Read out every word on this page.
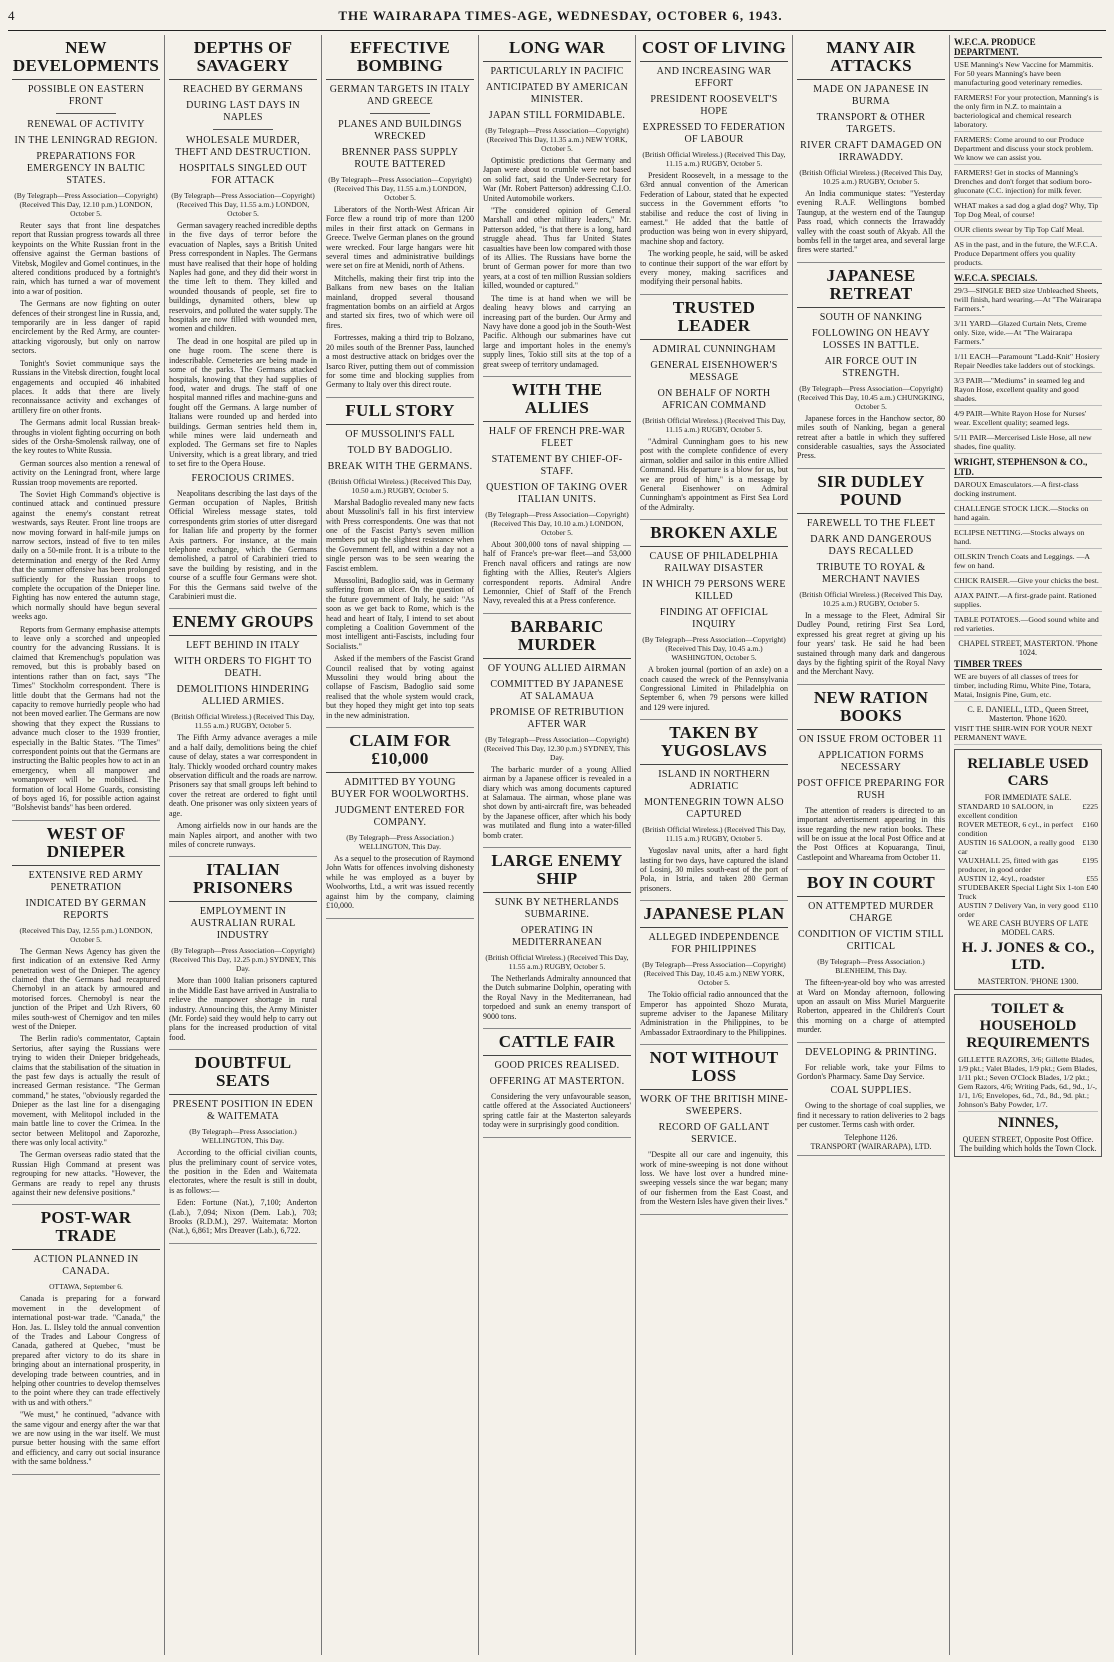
4	THE WAIRARAPA TIMES-AGE, WEDNESDAY, OCTOBER 6, 1943.
NEW DEVELOPMENTS
POSSIBLE ON EASTERN FRONT
RENEWAL OF ACTIVITY
IN THE LENINGRAD REGION.
PREPARATIONS FOR EMERGENCY IN BALTIC STATES.
(By Telegraph—Press Association—Copyright) (Received This Day, 12.10 p.m.) LONDON, October 5.

Reuter says that front line despatches report that Russian progress towards all three keypoints on the White Russian front in the offensive against the German bastions of Vitebsk, Mogilev and Gomel continues, in the altered conditions produced by a fortnight's rain, which has turned a war of movement into a war of position.

The Germans are now fighting on outer defences of their strongest line in Russia, and, temporarily are in less danger of rapid encirclement by the Red Army, are counter-attacking vigorously, but only on narrow sectors.

Tonight's Soviet communique says the Russians in the Vitebsk direction, fought local engagements and occupied 46 inhabited places. It adds that there are lively reconnaissance activity and exchanges of artillery fire on other fronts.

The Germans admit local Russian break-throughs in violent fighting occurring on both sides of the Orsha-Smolensk railway, one of the key routes to White Russia.

German sources also mention a renewal of activity on the Leningrad front, where large Russian troop movements are reported.

The Soviet High Command's objective is continued attack and continued pressure against the enemy's constant retreat westwards, says Reuter. Front line troops are now moving forward in half-mile jumps on narrow sectors, instead of five to ten miles daily on a 50-mile front. It is a tribute to the determination and energy of the Red Army that the summer offensive has been prolonged sufficiently for the Russian troops to complete the occupation of the Dnieper line. Fighting has now entered the autumn stage, which normally should have begun several weeks ago.

Reports from Germany emphasise attempts to leave only a scorched and unpeopled country for the advancing Russians. It is claimed that Kremenchug's population was removed, but this is probably based on intentions rather than on fact, says "The Times" Stockholm correspondent. There is little doubt that the Germans had not the capacity to remove hurriedly people who had not been moved earlier. The Germans are now showing that they expect the Russians to advance much closer to the 1939 frontier, especially in the Baltic States. "The Times" correspondent points out that the Germans are instructing the Baltic peoples how to act in an emergency, when all manpower and womanpower will be mobilised. The formation of local Home Guards, consisting of boys aged 16, for possible action against "Bolshevist bands" has been ordered.

WEST OF DNIEPER
EXTENSIVE RED ARMY PENETRATION
INDICATED BY GERMAN REPORTS
(Received This Day, 12.55 p.m.) LONDON, October 5.

The German News Agency has given the first indication of an extensive Red Army penetration west of the Dnieper. The agency claimed that the Germans had recaptured Chernobyl in an attack by armoured and motorised forces. Chernobyl is near the junction of the Pripet and Uzh Rivers, 60 miles south-west of Chernigov and ten miles west of the Dnieper.

The Berlin radio's commentator, Captain Sertorius, after saying the Russians were trying to widen their Dnieper bridgeheads, claims that the stabilisation of the situation in the past few days is actually the result of increased German resistance. "The German command," he states, "obviously regarded the Dnieper as the last line for a disengaging movement, with Melitopol included in the main battle line to cover the Crimea. In the sector between Melitopol and Zaporozhe, there was only local activity."

The German overseas radio stated that the Russian High Command at present was regrouping for new attacks. "However, the Germans are ready to repel any thrusts against their new defensive positions."

POST-WAR TRADE
ACTION PLANNED IN CANADA.
OTTAWA, September 6.

Canada is preparing for a forward movement in the development of international post-war trade. "Canada," the Hon. Jas. L. Ilsley told the annual convention of the Trades and Labour Congress of Canada, gathered at Quebec, "must be prepared after victory to do its share in bringing about an international prosperity, in developing trade between countries, and in helping other countries to develop themselves to the point where they can trade effectively with us and with others."

"We must," he continued, "advance with the same vigour and energy after the war that we are now using in the war itself. We must pursue better housing with the same effort and efficiency, and carry out social insurance with the same boldness."

DEPTHS OF SAVAGERY
REACHED BY GERMANS
DURING LAST DAYS IN NAPLES
WHOLESALE MURDER, THEFT AND DESTRUCTION.
HOSPITALS SINGLED OUT FOR ATTACK
(By Telegraph—Press Association—Copyright) (Received This Day, 11.55 a.m.) LONDON, October 5.

German savagery reached incredible depths in the five days of terror before the evacuation of Naples, says a British United Press correspondent in Naples. The Germans must have realised that their hope of holding Naples had gone, and they did their worst in the time left to them. They killed and wounded thousands of people, set fire to buildings, dynamited others, blew up reservoirs, and polluted the water supply. The hospitals are now filled with wounded men, women and children.

The dead in one hospital are piled up in one huge room. The scene there is indescribable. Cemeteries are being made in some of the parks. The Germans attacked hospitals, knowing that they had supplies of food, water and drugs. The staff of one hospital manned rifles and machine-guns and fought off the Germans. A large number of Italians were rounded up and herded into buildings. German sentries held them in, while mines were laid underneath and exploded. The Germans set fire to Naples University, which is a great library, and tried to set fire to the Opera House.

FEROCIOUS CRIMES.

Neapolitans describing the last days of the German occupation of Naples, British Official Wireless message states, told correspondents grim stories of utter disregard for Italian life and property by the former Axis partners. For instance, at the main telephone exchange, which the Germans demolished, a patrol of Carabinieri tried to save the building by resisting, and in the course of a scuffle four Germans were shot. For this the Germans said twelve of the Carabinieri must die.

ENEMY GROUPS
LEFT BEHIND IN ITALY
WITH ORDERS TO FIGHT TO DEATH.
DEMOLITIONS HINDERING ALLIED ARMIES.
(British Official Wireless.) (Received This Day, 11.55 a.m.) RUGBY, October 5.

The Fifth Army advance averages a mile and a half daily, demolitions being the chief cause of delay, states a war correspondent in Italy. Thickly wooded orchard country makes observation difficult and the roads are narrow. Prisoners say that small groups left behind to cover the retreat are ordered to fight until death. One prisoner was only sixteen years of age.

Among airfields now in our hands are the main Naples airport, and another with two miles of concrete runways.

ITALIAN PRISONERS
EMPLOYMENT IN AUSTRALIAN RURAL INDUSTRY
(By Telegraph—Press Association—Copyright) (Received This Day, 12.25 p.m.) SYDNEY, This Day.

More than 1000 Italian prisoners captured in the Middle East have arrived in Australia to relieve the manpower shortage in rural industry. Announcing this, the Army Minister (Mr. Forde) said they would help to carry out plans for the increased production of vital food.

DOUBTFUL SEATS
PRESENT POSITION IN EDEN & WAITEMATA
(By Telegraph—Press Association.) WELLINGTON, This Day.

According to the official civilian counts, plus the preliminary count of service votes, the position in the Eden and Waitemata electorates, where the result is still in doubt, is as follows:—

Eden: Fortune (Nat.), 7,100; Anderton (Lab.), 7,094; Nixon (Dem. Lab.), 703; Brooks (R.D.M.), 297. Waitemata: Morton (Nat.), 6,861; Mrs Dreaver (Lab.), 6,722.

EFFECTIVE BOMBING
GERMAN TARGETS IN ITALY AND GREECE
PLANES AND BUILDINGS WRECKED
BRENNER PASS SUPPLY ROUTE BATTERED
(By Telegraph—Press Association—Copyright) (Received This Day, 11.55 a.m.) LONDON, October 5.

Liberators of the North-West African Air Force flew a round trip of more than 1200 miles in their first attack on Germans in Greece. Twelve German planes on the ground were wrecked. Four large hangars were hit several times and administrative buildings were set on fire at Menidi, north of Athens.

Mitchells, making their first trip into the Balkans from new bases on the Italian mainland, dropped several thousand fragmentation bombs on an airfield at Argos and started six fires, two of which were oil fires.

Fortresses, making a third trip to Bolzano, 20 miles south of the Brenner Pass, launched a most destructive attack on bridges over the Isarco River, putting them out of commission for some time and blocking supplies from Germany to Italy over this direct route.

FULL STORY
OF MUSSOLINI'S FALL
TOLD BY BADOGLIO.
BREAK WITH THE GERMANS.
(British Official Wireless.) (Received This Day, 10.50 a.m.) RUGBY, October 5.

Marshal Badoglio revealed many new facts about Mussolini's fall in his first interview with Press correspondents. One was that not one of the Fascist Party's seven million members put up the slightest resistance when the Government fell, and within a day not a single person was to be seen wearing the Fascist emblem.

Mussolini, Badoglio said, was in Germany suffering from an ulcer. On the question of the future government of Italy, he said: "As soon as we get back to Rome, which is the head and heart of Italy, I intend to set about completing a Coalition Government of the most intelligent anti-Fascists, including four Socialists."

Asked if the members of the Fascist Grand Council realised that by voting against Mussolini they would bring about the collapse of Fascism, Badoglio said some realised that the whole system would crack, but they hoped they might get into top seats in the new administration.

CLAIM FOR £10,000
ADMITTED BY YOUNG BUYER FOR WOOLWORTHS.
JUDGMENT ENTERED FOR COMPANY.
(By Telegraph—Press Association.) WELLINGTON, This Day.

As a sequel to the prosecution of Raymond John Watts for offences involving dishonesty while he was employed as a buyer by Woolworths, Ltd., a writ was issued recently against him by the company, claiming £10,000.

LONG WAR
PARTICULARLY IN PACIFIC
ANTICIPATED BY AMERICAN MINISTER.
JAPAN STILL FORMIDABLE.
(By Telegraph—Press Association—Copyright) (Received This Day, 11.35 a.m.) NEW YORK, October 5.

Optimistic predictions that Germany and Japan were about to crumble were not based on solid fact, said the Under-Secretary for War (Mr. Robert Patterson) addressing C.I.O. United Automobile workers.

"The considered opinion of General Marshall and other military leaders," Mr. Patterson added, "is that there is a long, hard struggle ahead. Thus far United States casualties have been low compared with those of its Allies. The Russians have borne the brunt of German power for more than two years, at a cost of ten million Russian soldiers killed, wounded or captured."

The time is at hand when we will be dealing heavy blows and carrying an increasing part of the burden. Our Army and Navy have done a good job in the South-West Pacific. Although our submarines have cut large and important holes in the enemy's supply lines, Tokio still sits at the top of a great sweep of territory undamaged.

WITH THE ALLIES
HALF OF FRENCH PRE-WAR FLEET
STATEMENT BY CHIEF-OF-STAFF.
QUESTION OF TAKING OVER ITALIAN UNITS.
(By Telegraph—Press Association—Copyright) (Received This Day, 10.10 a.m.) LONDON, October 5.

About 300,000 tons of naval shipping —half of France's pre-war fleet—and 53,000 French naval officers and ratings are now fighting with the Allies, Reuter's Algiers correspondent reports. Admiral Andre Lemonnier, Chief of Staff of the French Navy, revealed this at a Press conference.

BARBARIC MURDER
OF YOUNG ALLIED AIRMAN
COMMITTED BY JAPANESE AT SALAMAUA
PROMISE OF RETRIBUTION AFTER WAR
(By Telegraph—Press Association—Copyright) (Received This Day, 12.30 p.m.) SYDNEY, This Day.

The barbaric murder of a young Allied airman by a Japanese officer is revealed in a diary which was among documents captured at Salamaua. The airman, whose plane was shot down by anti-aircraft fire, was beheaded by the Japanese officer, after which his body was mutilated and flung into a water-filled bomb crater.

LARGE ENEMY SHIP
SUNK BY NETHERLANDS SUBMARINE.
OPERATING IN MEDITERRANEAN
(British Official Wireless.) (Received This Day, 11.55 a.m.) RUGBY, October 5.

The Netherlands Admiralty announced that the Dutch submarine Dolphin, operating with the Royal Navy in the Mediterranean, had torpedoed and sunk an enemy transport of 9000 tons.

CATTLE FAIR
GOOD PRICES REALISED.
OFFERING AT MASTERTON.

Considering the very unfavourable season, cattle offered at the Associated Auctioneers' spring cattle fair at the Masterton saleyards today were in surprisingly good condition.

COST OF LIVING
AND INCREASING WAR EFFORT
PRESIDENT ROOSEVELT'S HOPE
EXPRESSED TO FEDERATION OF LABOUR
(British Official Wireless.) (Received This Day, 11.15 a.m.) RUGBY, October 5.

President Roosevelt, in a message to the 63rd annual convention of the American Federation of Labour, stated that he expected success in the Government efforts "to stabilise and reduce the cost of living in earnest." He added that the battle of production was being won in every shipyard, machine shop and factory.

The working people, he said, will be asked to continue their support of the war effort by every money, making sacrifices and modifying their personal habits.

TRUSTED LEADER
ADMIRAL CUNNINGHAM
GENERAL EISENHOWER'S MESSAGE
ON BEHALF OF NORTH AFRICAN COMMAND
(British Official Wireless.) (Received This Day, 11.15 a.m.) RUGBY, October 5.

"Admiral Cunningham goes to his new post with the complete confidence of every airman, soldier and sailor in this entire Allied Command. His departure is a blow for us, but we are proud of him," is a message by General Eisenhower on Admiral Cunningham's appointment as First Sea Lord of the Admiralty.

BROKEN AXLE
CAUSE OF PHILADELPHIA RAILWAY DISASTER
IN WHICH 79 PERSONS WERE KILLED
FINDING AT OFFICIAL INQUIRY
(By Telegraph—Press Association—Copyright) (Received This Day, 10.45 a.m.) WASHINGTON, October 5.

A broken journal (portion of an axle) on a coach caused the wreck of the Pennsylvania Congressional Limited in Philadelphia on September 6, when 79 persons were killed and 129 were injured.

TAKEN BY YUGOSLAVS
ISLAND IN NORTHERN ADRIATIC
MONTENEGRIN TOWN ALSO CAPTURED
(British Official Wireless.) (Received This Day, 11.15 a.m.) RUGBY, October 5.

Yugoslav naval units, after a hard fight lasting for two days, have captured the island of Losinj, 30 miles south-east of the port of Pola, in Istria, and taken 280 German prisoners.

JAPANESE PLAN
ALLEGED INDEPENDENCE FOR PHILIPPINES
(By Telegraph—Press Association—Copyright) (Received This Day, 10.45 a.m.) NEW YORK, October 5.

The Tokio official radio announced that the Emperor has appointed Shozo Murata, supreme adviser to the Japanese Military Administration in the Philippines, to be Ambassador Extraordinary to the Philippines.

NOT WITHOUT LOSS
WORK OF THE BRITISH MINE-SWEEPERS.
RECORD OF GALLANT SERVICE.

"Despite all our care and ingenuity, this work of mine-sweeping is not done without loss. We have lost over a hundred mine-sweeping vessels since the war began; many of our fishermen from the East Coast, and from the Western Isles have given their lives."

MANY AIR ATTACKS
MADE ON JAPANESE IN BURMA
TRANSPORT & OTHER TARGETS.
RIVER CRAFT DAMAGED ON IRRAWADDY.
(British Official Wireless.) (Received This Day, 10.25 a.m.) RUGBY, October 5.

An India communique states: "Yesterday evening R.A.F. Wellingtons bombed Taungup, at the western end of the Taungup Pass road, which connects the Irrawaddy valley with the coast south of Akyab. All the bombs fell in the target area, and several large fires were started."

JAPANESE RETREAT
SOUTH OF NANKING
FOLLOWING ON HEAVY LOSSES IN BATTLE.
AIR FORCE OUT IN STRENGTH.
(By Telegraph—Press Association—Copyright) (Received This Day, 10.45 a.m.) CHUNGKING, October 5.

Japanese forces in the Hanchow sector, 80 miles south of Nanking, began a general retreat after a battle in which they suffered considerable casualties, says the Associated Press.

SIR DUDLEY POUND
FAREWELL TO THE FLEET
DARK AND DANGEROUS DAYS RECALLED
TRIBUTE TO ROYAL & MERCHANT NAVIES
(British Official Wireless.) (Received This Day, 10.25 a.m.) RUGBY, October 5.

In a message to the Fleet, Admiral Sir Dudley Pound, retiring First Sea Lord, expressed his great regret at giving up his four years' task. He said he had been sustained through many dark and dangerous days by the fighting spirit of the Royal Navy and the Merchant Navy.

NEW RATION BOOKS
ON ISSUE FROM OCTOBER 11
APPLICATION FORMS NECESSARY
POST OFFICE PREPARING FOR RUSH

The attention of readers is directed to an important advertisement appearing in this issue regarding the new ration books. These will be on issue at the local Post Office and at the Post Offices at Kopuaranga, Tinui, Castlepoint and Whareama from October 11.

BOY IN COURT
ON ATTEMPTED MURDER CHARGE
CONDITION OF VICTIM STILL CRITICAL
(By Telegraph—Press Association.) BLENHEIM, This Day.

The fifteen-year-old boy who was arrested at Ward on Monday afternoon, following upon an assault on Miss Muriel Marguerite Roberton, appeared in the Children's Court this morning on a charge of attempted murder.

DEVELOPING & PRINTING.

For reliable work, take your Films to Gordon's Pharmacy. Same Day Service.

COAL SUPPLIES.

Owing to the shortage of coal supplies, we find it necessary to ration deliveries to 2 bags per customer. Terms cash with order.

Telephone 1126.
TRANSPORT (WAIRARAPA), LTD.
W.F.C.A. PRODUCE DEPARTMENT.
USE Manning's New Vaccine for Mammitis. For 50 years Manning's have been manufacturing good veterinary remedies.
FARMERS! For your protection, Manning's is the only firm in N.Z. to maintain a bacteriological and chemical research laboratory.
FARMERS: Come around to our Produce Department and discuss your stock problem. We know we can assist you.
FARMERS! Get in stocks of Manning's Drenches and don't forget that sodium boro-gluconate (C.C. injection) for milk fever.
WHAT makes a sad dog a glad dog? Why, Tip Top Dog Meal, of course!
OUR clients swear by Tip Top Calf Meal.
AS in the past, and in the future, the W.F.C.A. Produce Department offers you quality products.
W.F.C.A. SPECIALS.
29/3—SINGLE BED size Unbleached Sheets, twill finish, hard wearing.—At "The Wairarapa Farmers."
3/11 YARD—Glazed Curtain Nets, Creme only. Size, wide.—At "The Wairarapa Farmers."
1/11 EACH—Paramount "Ladd-Knit" Hosiery Repair Needles take ladders out of stockings.
3/3 PAIR—"Mediums" in seamed leg and Rayon Hose, excellent quality and good shades.
4/9 PAIR—White Rayon Hose for Nurses' wear. Excellent quality; seamed legs.
5/11 PAIR—Mercerised Lisle Hose, all new shades, fine quality.
WRIGHT, STEPHENSON & CO., LTD.
DAROUX Emasculators.—A first-class docking instrument.
CHALLENGE STOCK LICK.—Stocks on hand again.
ECLIPSE NETTING.—Stocks always on hand.
OILSKIN Trench Coats and Leggings. —A few on hand.
CHICK RAISER.—Give your chicks the best.
AJAX PAINT.—A first-grade paint. Rationed supplies.
TABLE POTATOES.—Good sound white and red varieties.
CHAPEL STREET, MASTERTON. 'Phone 1024.
TIMBER TREES
WE are buyers of all classes of trees for timber, including Rimu, White Pine, Totara, Matai, Insignis Pine, Gum, etc.
C. E. DANIELL, LTD., Queen Street, Masterton. 'Phone 1620.
VISIT THE SHIR-WIN FOR YOUR NEXT PERMANENT WAVE.
RELIABLE USED CARS
FOR IMMEDIATE SALE.
STANDARD 10 SALOON, in excellent condition
£225
ROVER METEOR, 6 cyl., in perfect condition
£160
AUSTIN 16 SALOON, a really good car
£130
VAUXHALL 25, fitted with gas producer, in good order
£195
AUSTIN 12, 4cyl., roadster	£55
STUDEBAKER Special Light Six 1-ton Truck
£40
AUSTIN 7 Delivery Van, in very good order
£110
WE ARE CASH BUYERS OF LATE MODEL CARS.
H. J. JONES & CO., LTD.
MASTERTON. 'PHONE 1300.
TOILET & HOUSEHOLD REQUIREMENTS
GILLETTE RAZORS, 3/6; Gillette Blades, 1/9 pkt.; Valet Blades, 1/9 pkt.; Gem Blades, 1/11 pkt.; Seven O'Clock Blades, 1/2 pkt.; Gem Razors, 4/6; Writing Pads, 6d., 9d., 1/-, 1/1, 1/6; Envelopes, 6d., 7d., 8d., 9d. pkt.; Johnson's Baby Powder, 1/7.
NINNES,
QUEEN STREET, Opposite Post Office. The building which holds the Town Clock.
